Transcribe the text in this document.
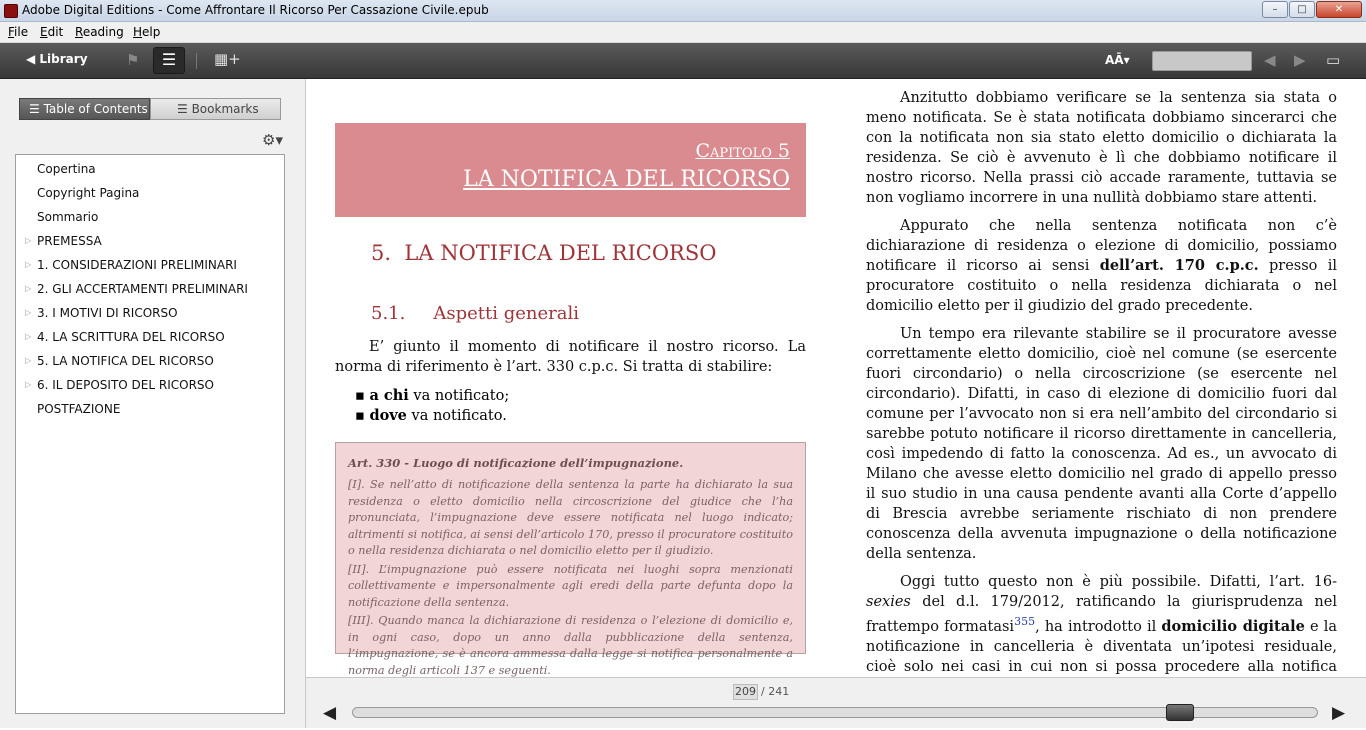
Adobe Digital Editions - Come Affrontare Il Ricorso Per Cassazione Civile.epub	–	□	✕
File Edit Reading Help
◀ Library	⚑	☰	▦+	AĀ▾	◀ ▶ ▭
☰ Table of Contents	☰ Bookmarks
⚙▾
Copertina
Copyright Pagina
Sommario
▷ PREMESSA
▷ 1. CONSIDERAZIONI PRELIMINARI
▷ 2. GLI ACCERTAMENTI PRELIMINARI
▷ 3. I MOTIVI DI RICORSO
▷ 4. LA SCRITTURA DEL RICORSO
▷ 5. LA NOTIFICA DEL RICORSO
▷ 6. IL DEPOSITO DEL RICORSO
POSTFAZIONE
Capitolo 5
LA NOTIFICA DEL RICORSO
5. LA NOTIFICA DEL RICORSO
5.1. Aspetti generali
E’ giunto il momento di notificare il nostro ricorso. La norma di riferimento è l’art. 330 c.p.c. Si tratta di stabilire:
▪ a chi va notificato;
▪ dove va notificato.
Art. 330 - Luogo di notificazione dell’impugnazione.
[I]. Se nell’atto di notificazione della sentenza la parte ha dichiarato la sua residenza o eletto domicilio nella circoscrizione del giudice che l’ha pronunciata, l’impugnazione deve essere notificata nel luogo indicato; altrimenti si notifica, ai sensi dell’articolo 170, presso il procuratore costituito o nella residenza dichiarata o nel domicilio eletto per il giudizio.
[II]. L’impugnazione può essere notificata nei luoghi sopra menzionati collettivamente e impersonalmente agli eredi della parte defunta dopo la notificazione della sentenza.
[III]. Quando manca la dichiarazione di residenza o l’elezione di domicilio e, in ogni caso, dopo un anno dalla pubblicazione della sentenza, l’impugnazione, se è ancora ammessa dalla legge si notifica personalmente a norma degli articoli 137 e seguenti.
Anzitutto dobbiamo verificare se la sentenza sia stata o meno notificata. Se è stata notificata dobbiamo sincerarci che con la notificata non sia stato eletto domicilio o dichiarata la residenza. Se ciò è avvenuto è lì che dobbiamo notificare il nostro ricorso. Nella prassi ciò accade raramente, tuttavia se non vogliamo incorrere in una nullità dobbiamo stare attenti.
Appurato che nella sentenza notificata non c’è dichiarazione di residenza o elezione di domicilio, possiamo notificare il ricorso ai sensi dell’art. 170 c.p.c. presso il procuratore costituito o nella residenza dichiarata o nel domicilio eletto per il giudizio del grado precedente.
Un tempo era rilevante stabilire se il procuratore avesse correttamente eletto domicilio, cioè nel comune (se esercente fuori circondario) o nella circoscrizione (se esercente nel circondario). Difatti, in caso di elezione di domicilio fuori dal comune per l’avvocato non si era nell’ambito del circondario si sarebbe potuto notificare il ricorso direttamente in cancelleria, così impedendo di fatto la conoscenza. Ad es., un avvocato di Milano che avesse eletto domicilio nel grado di appello presso il suo studio in una causa pendente avanti alla Corte d’appello di Brescia avrebbe seriamente rischiato di non prendere conoscenza della avvenuta impugnazione o della notificazione della sentenza.
Oggi tutto questo non è più possibile. Difatti, l’art. 16-sexies del d.l. 179/2012, ratificando la giurisprudenza nel frattempo formatasi$^{355}$, ha introdotto il domicilio digitale e la notificazione in cancelleria è diventata un’ipotesi residuale, cioè solo nei casi in cui non si possa procedere alla notifica
209 / 241
◀	▶
